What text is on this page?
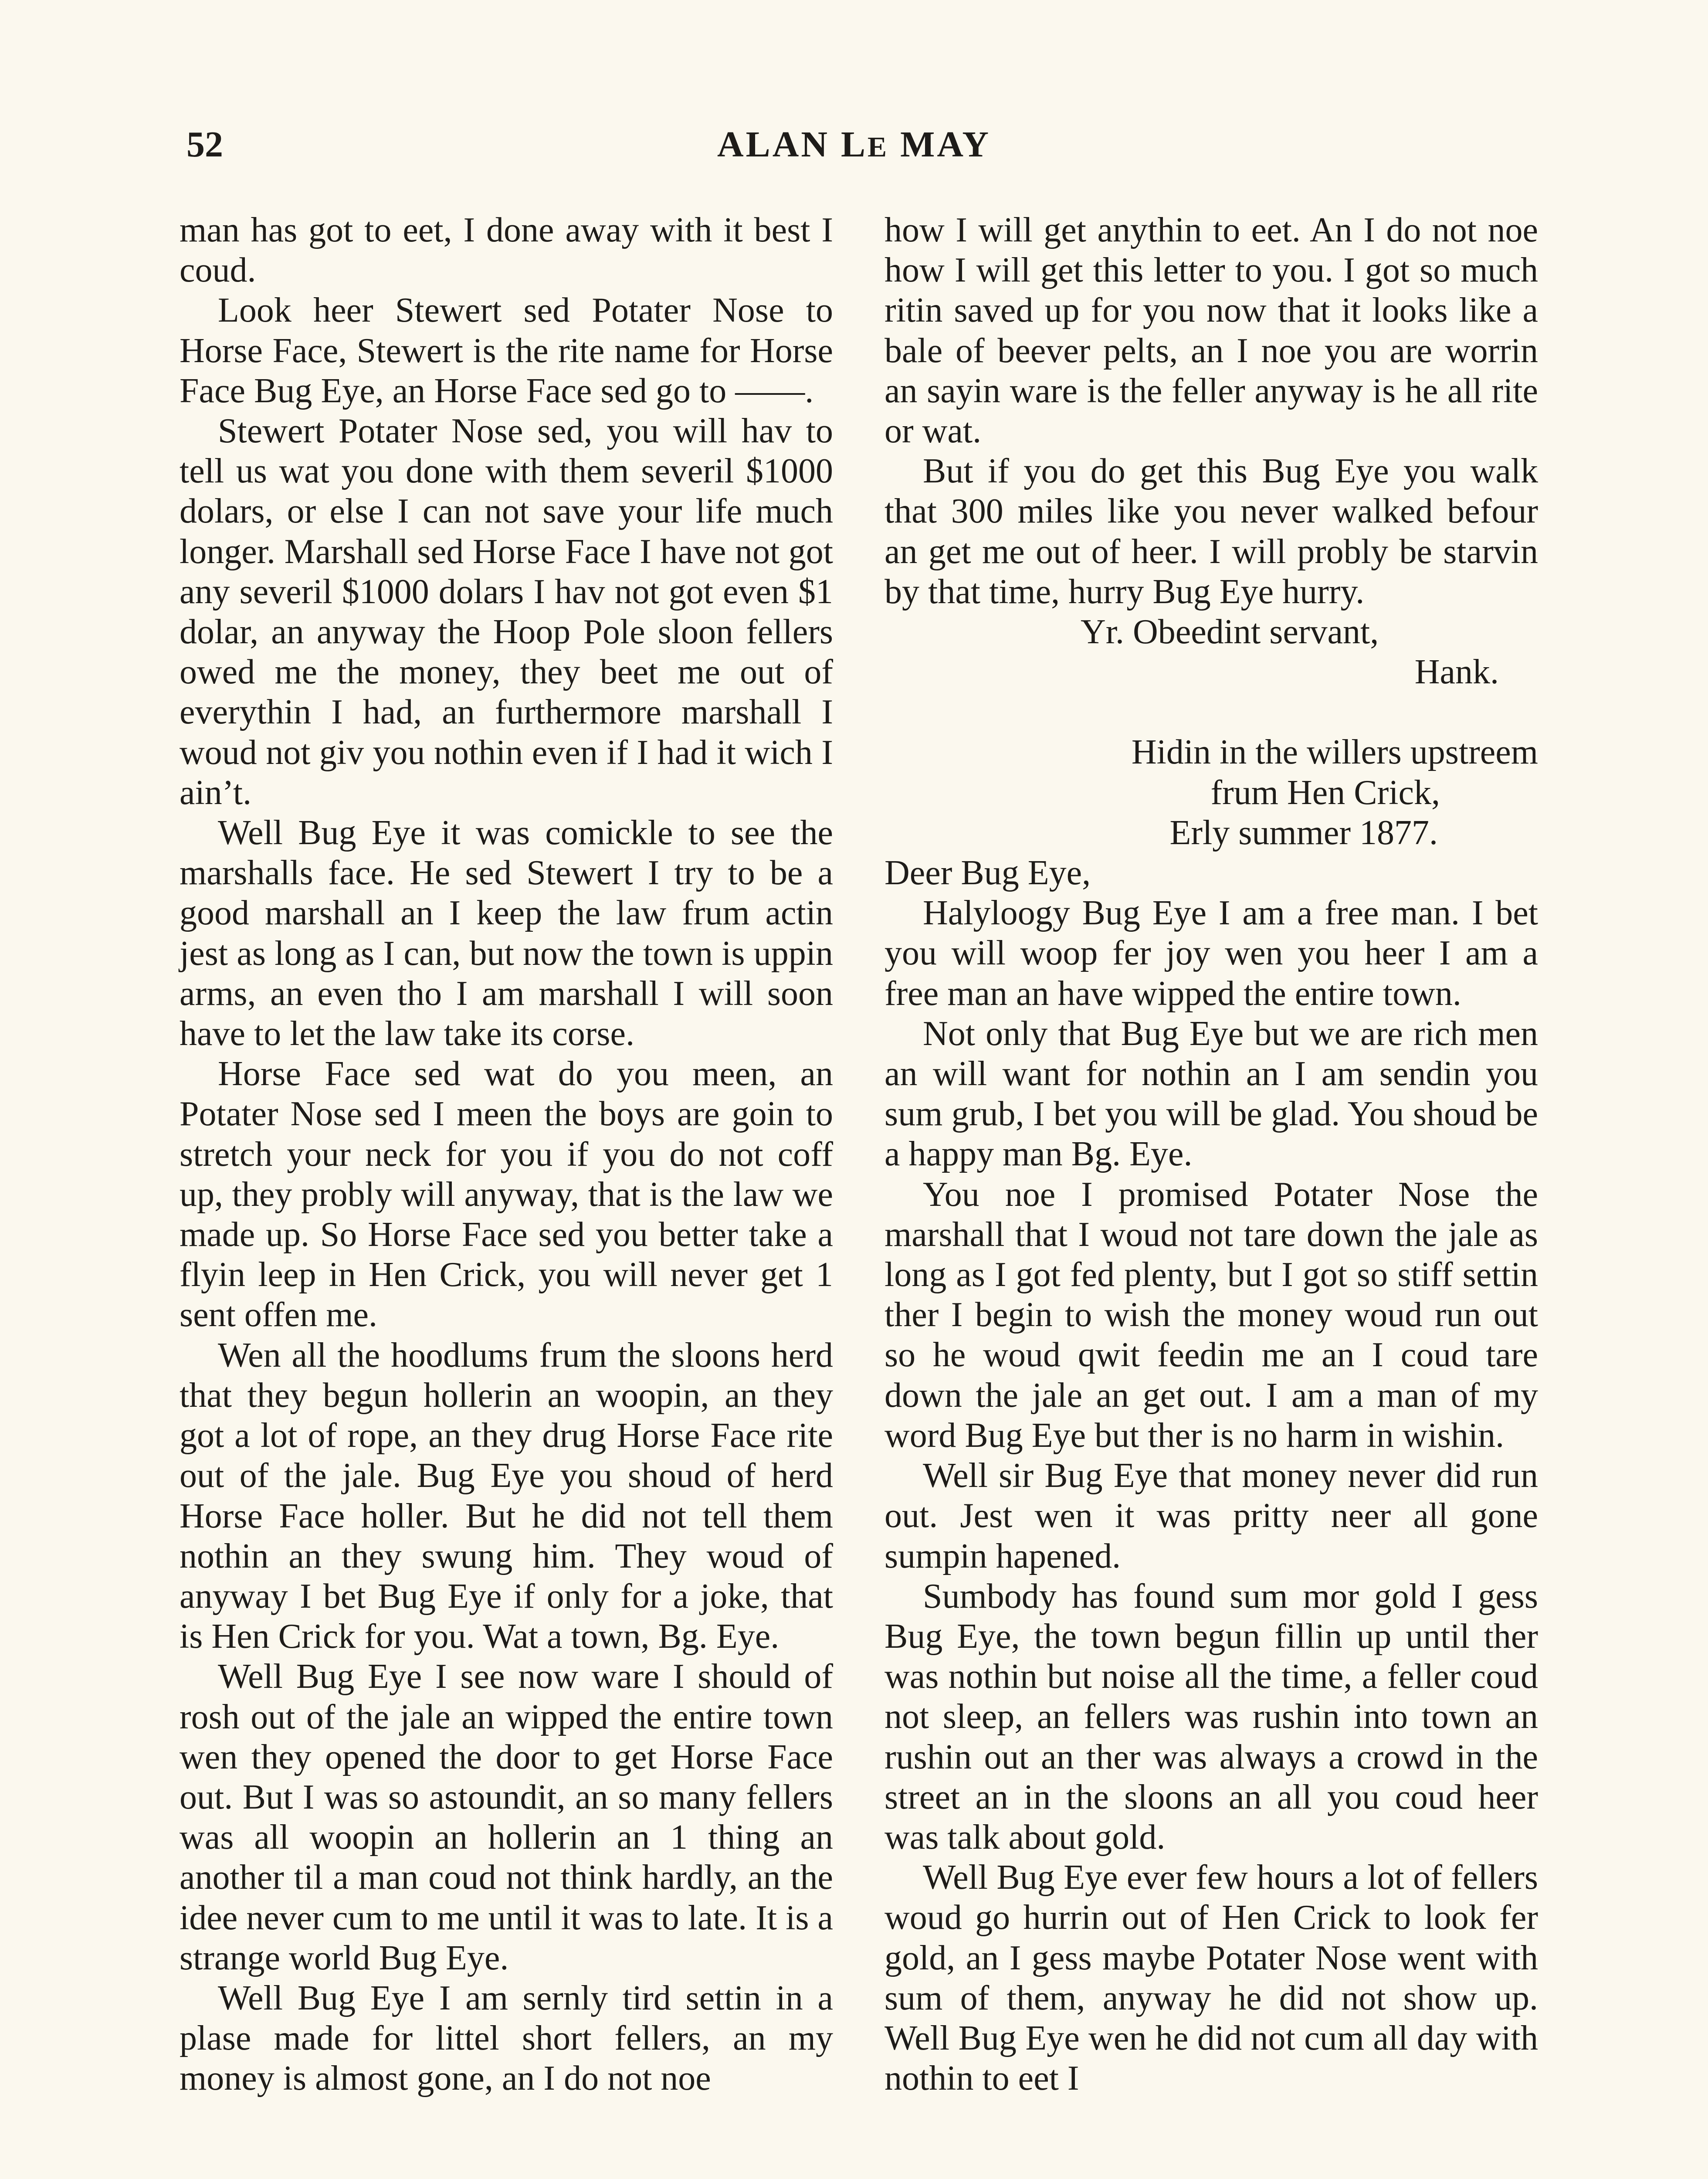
52	ALAN LE MAY

man has got to eet, I done away with it best I coud.

Look heer Stewert sed Potater Nose to Horse Face, Stewert is the rite name for Horse Face Bug Eye, an Horse Face sed go to ——.

Stewert Potater Nose sed, you will hav to tell us wat you done with them severil $1000 dolars, or else I can not save your life much longer. Marshall sed Horse Face I have not got any severil $1000 dolars I hav not got even $1 dolar, an anyway the Hoop Pole sloon fellers owed me the money, they beet me out of everythin I had, an furthermore marshall I woud not giv you nothin even if I had it wich I ain’t.

Well Bug Eye it was comickle to see the marshalls face. He sed Stewert I try to be a good marshall an I keep the law frum actin jest as long as I can, but now the town is uppin arms, an even tho I am marshall I will soon have to let the law take its corse.

Horse Face sed wat do you meen, an Potater Nose sed I meen the boys are goin to stretch your neck for you if you do not coff up, they probly will anyway, that is the law we made up. So Horse Face sed you better take a flyin leep in Hen Crick, you will never get 1 sent offen me.

Wen all the hoodlums frum the sloons herd that they begun hollerin an woopin, an they got a lot of rope, an they drug Horse Face rite out of the jale. Bug Eye you shoud of herd Horse Face holler. But he did not tell them nothin an they swung him. They woud of anyway I bet Bug Eye if only for a joke, that is Hen Crick for you. Wat a town, Bg. Eye.

Well Bug Eye I see now ware I should of rosh out of the jale an wipped the entire town wen they opened the door to get Horse Face out. But I was so astoundit, an so many fellers was all woopin an hollerin an 1 thing an another til a man coud not think hardly, an the idee never cum to me until it was to late. It is a strange world Bug Eye.

Well Bug Eye I am sernly tird settin in a plase made for littel short fellers, an my money is almost gone, an I do not noe

how I will get anythin to eet. An I do not noe how I will get this letter to you. I got so much ritin saved up for you now that it looks like a bale of beever pelts, an I noe you are worrin an sayin ware is the feller anyway is he all rite or wat.

But if you do get this Bug Eye you walk that 300 miles like you never walked befour an get me out of heer. I will probly be starvin by that time, hurry Bug Eye hurry.

Yr. Obeedint servant,

Hank.

Hidin in the willers upstreem
frum Hen Crick,
Erly summer 1877.

Deer Bug Eye,

Halyloogy Bug Eye I am a free man. I bet you will woop fer joy wen you heer I am a free man an have wipped the entire town.

Not only that Bug Eye but we are rich men an will want for nothin an I am sendin you sum grub, I bet you will be glad. You shoud be a happy man Bg. Eye.

You noe I promised Potater Nose the marshall that I woud not tare down the jale as long as I got fed plenty, but I got so stiff settin ther I begin to wish the money woud run out so he woud qwit feedin me an I coud tare down the jale an get out. I am a man of my word Bug Eye but ther is no harm in wishin.

Well sir Bug Eye that money never did run out. Jest wen it was pritty neer all gone sumpin hapened.

Sumbody has found sum mor gold I gess Bug Eye, the town begun fillin up until ther was nothin but noise all the time, a feller coud not sleep, an fellers was rushin into town an rushin out an ther was always a crowd in the street an in the sloons an all you coud heer was talk about gold.

Well Bug Eye ever few hours a lot of fellers woud go hurrin out of Hen Crick to look fer gold, an I gess maybe Potater Nose went with sum of them, anyway he did not show up. Well Bug Eye wen he did not cum all day with nothin to eet I
